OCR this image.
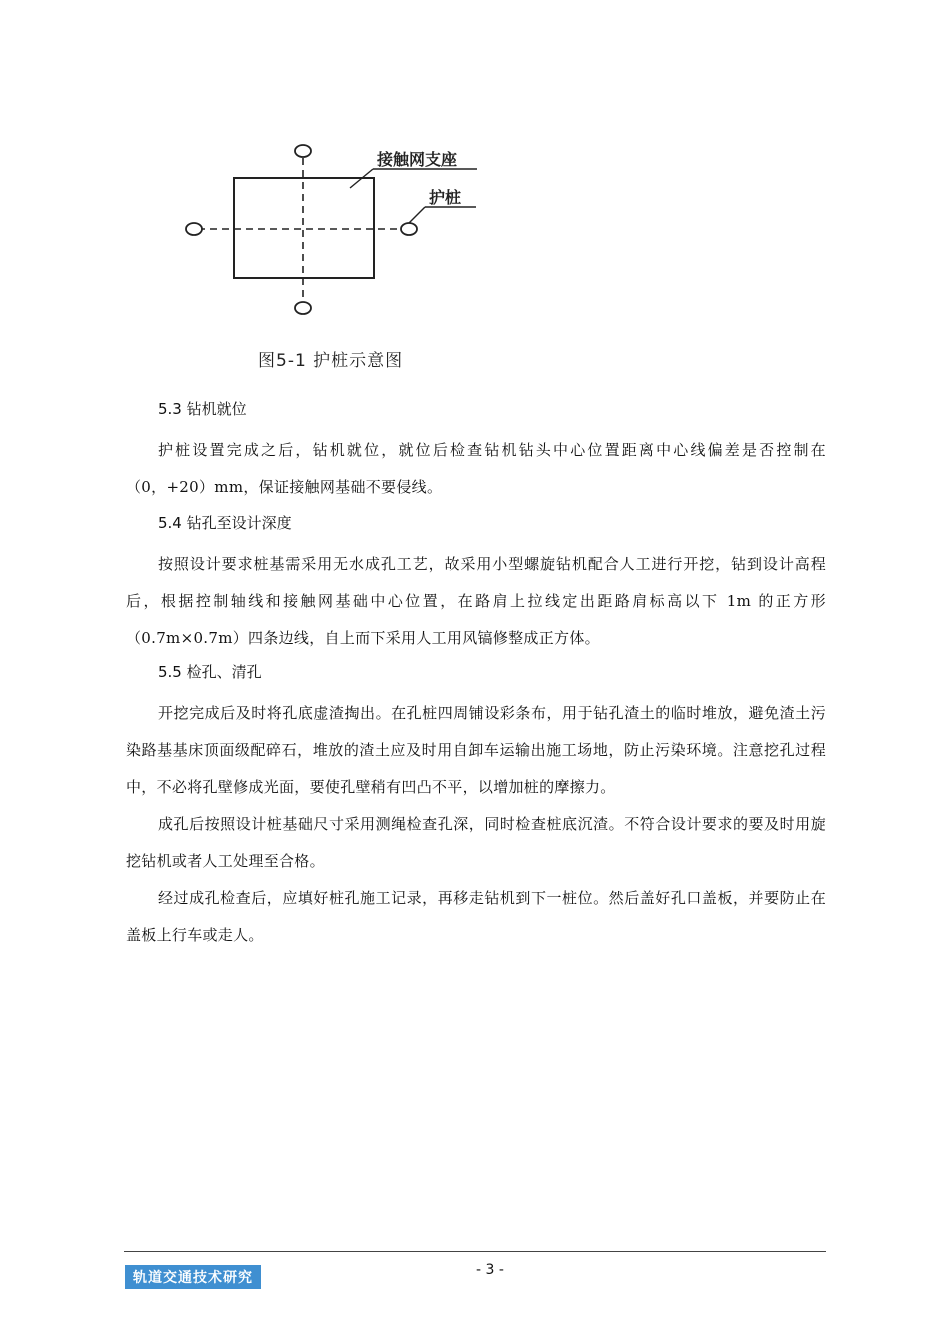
接触网支座
护桩
图5-1 护桩示意图
5.3 钻机就位
护桩设置完成之后，钻机就位，就位后检查钻机钻头中心位置距离中心线偏差是否控制在（0，+20）mm，保证接触网基础不要侵线。
5.4 钻孔至设计深度
按照设计要求桩基需采用无水成孔工艺，故采用小型螺旋钻机配合人工进行开挖，钻到设计高程后，根据控制轴线和接触网基础中心位置，在路肩上拉线定出距路肩标高以下 1m 的正方形（0.7m×0.7m）四条边线，自上而下采用人工用风镐修整成正方体。
5.5 检孔、清孔
开挖完成后及时将孔底虚渣掏出。在孔桩四周铺设彩条布，用于钻孔渣土的临时堆放，避免渣土污染路基基床顶面级配碎石，堆放的渣土应及时用自卸车运输出施工场地，防止污染环境。注意挖孔过程中，不必将孔壁修成光面，要使孔壁稍有凹凸不平，以增加桩的摩擦力。
成孔后按照设计桩基础尺寸采用测绳检查孔深，同时检查桩底沉渣。不符合设计要求的要及时用旋挖钻机或者人工处理至合格。
经过成孔检查后，应填好桩孔施工记录，再移走钻机到下一桩位。然后盖好孔口盖板，并要防止在盖板上行车或走人。
轨道交通技术研究	- 3 -
